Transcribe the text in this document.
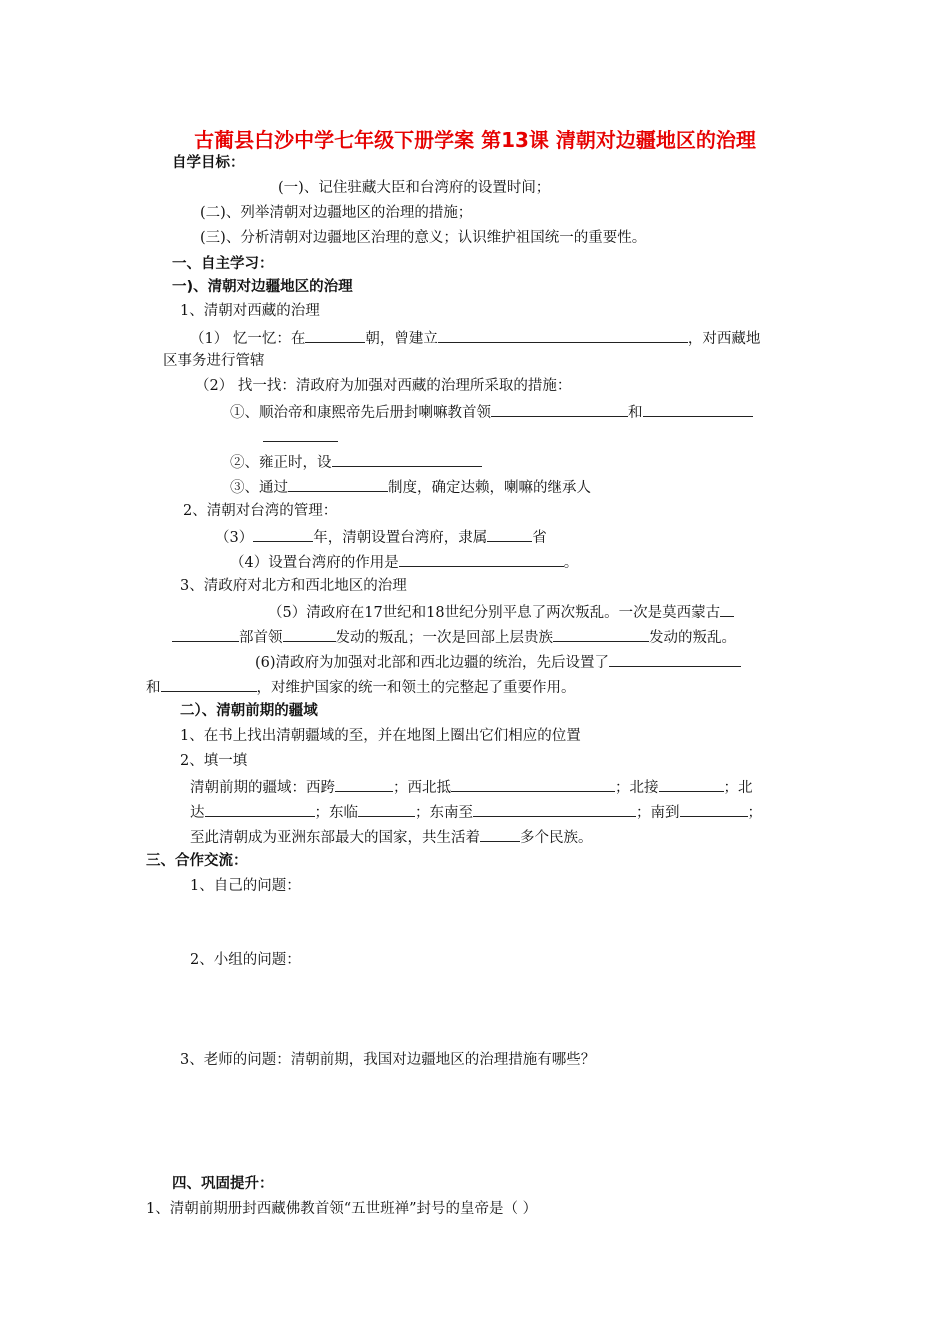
古蔺县白沙中学七年级下册学案 第13课 清朝对边疆地区的治理
自学目标：
(一)、记住驻藏大臣和台湾府的设置时间；
(二)、列举清朝对边疆地区的治理的措施；
(三)、分析清朝对边疆地区治理的意义；认识维护祖国统一的重要性。
一、自主学习：
一)、清朝对边疆地区的治理
1、清朝对西藏的治理
（1） 忆一忆：在	朝，曾建立	，对西藏地
区事务进行管辖
（2） 找一找：清政府为加强对西藏的治理所采取的措施：
①、顺治帝和康熙帝先后册封喇嘛教首领	和
②、雍正时，设
③、通过	制度，确定达赖，喇嘛的继承人
2、清朝对台湾的管理：
（3）	年，清朝设置台湾府，隶属	省
（4）设置台湾府的作用是	。
3、清政府对北方和西北地区的治理
（5）清政府在17世纪和18世纪分别平息了两次叛乱。一次是莫西蒙古
部首领	发动的叛乱；一次是回部上层贵族	发动的叛乱。
(6)清政府为加强对北部和西北边疆的统治，先后设置了
和	，对维护国家的统一和领土的完整起了重要作用。
二）、清朝前期的疆域
1、在书上找出清朝疆域的至，并在地图上圈出它们相应的位置
2、填一填
清朝前期的疆域：西跨	；西北抵	；北接	；北
达	；东临	；东南至	；南到	；
至此清朝成为亚洲东部最大的国家，共生活着	多个民族。
三、合作交流：
1、自己的问题：
2、小组的问题：
3、老师的问题：清朝前期，我国对边疆地区的治理措施有哪些？
四、巩固提升：
1、清朝前期册封西藏佛教首领“五世班禅”封号的皇帝是（ ）
